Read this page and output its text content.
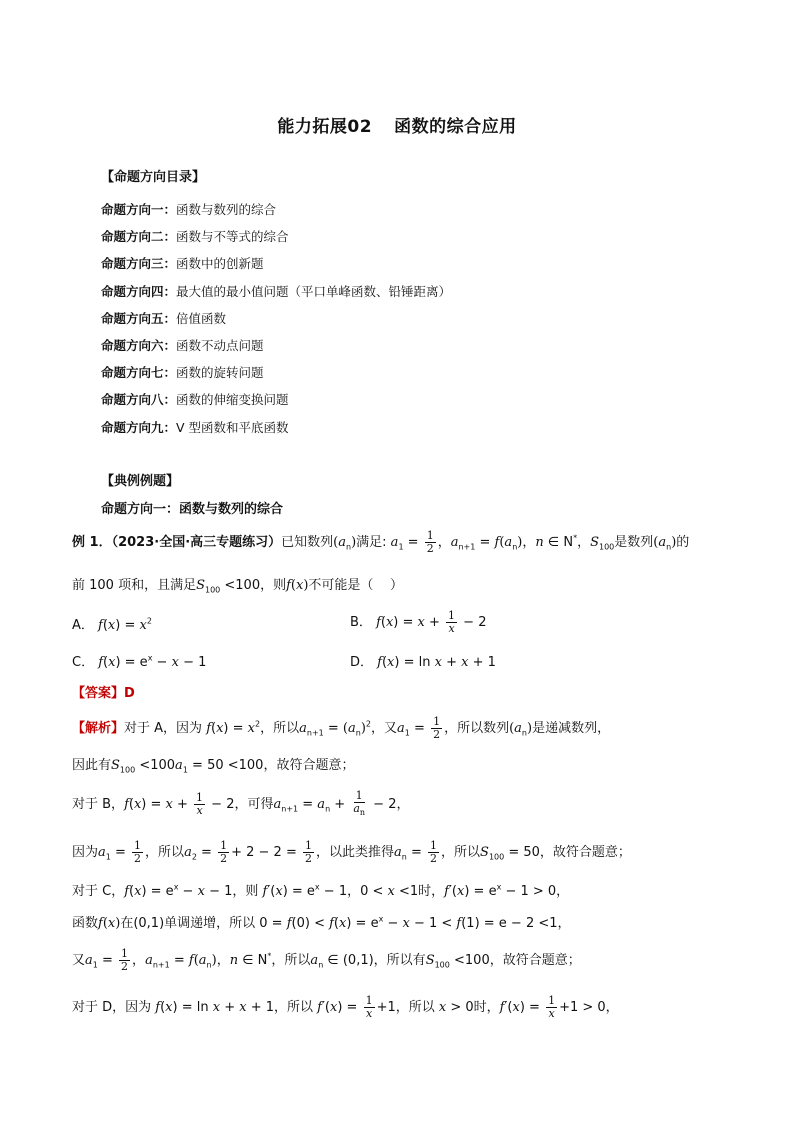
能力拓展02 函数的综合应用
【命题方向目录】
命题方向一：函数与数列的综合
命题方向二：函数与不等式的综合
命题方向三：函数中的创新题
命题方向四：最大值的最小值问题（平口单峰函数、铅锤距离）
命题方向五：倍值函数
命题方向六：函数不动点问题
命题方向七：函数的旋转问题
命题方向八：函数的伸缩变换问题
命题方向九：V 型函数和平底函数
【典例例题】
命题方向一：函数与数列的综合
例 1．（2023·全国·高三专题练习）已知数列$(a_n)$满足: $a_1 = \frac{1}{2}$ ，$a_{n+1} = f(a_n)$，n ∈ N*，$S_{100}$是数列$(a_n)$的
前 100 项和，且满足$S_{100} <100$，则f(x)不可能是（    ）
A． $f(x) = x^2$	B． $f(x) = x + \frac{1}{x} - 2$
C． $f(x) = e^x - x - 1$	D． f(x) = ln x + x + 1
【答案】D
【解析】对于 A，因为 $f(x) = x^2$，所以$a_{n+1} = (a_n)^2$，又$a_1 = \frac{1}{2}$ ，所以数列$(a_n)$是递减数列，
因此有$S_{100} <100a_1 = 50 <100$，故符合题意；
对于 B，$f(x) = x + \frac{1}{x} - 2$，可得$a_{n+1} = a_n + \frac{1}{a_n} - 2$，
因为$a_1 = \frac{1}{2}$ ，所以$a_2 = \frac{1}{2} + 2 - 2 = \frac{1}{2}$ ，以此类推得$a_n = \frac{1}{2}$ ，所以$S_{100} = 50$，故符合题意；
对于 C，$f(x) = e^x - x - 1$，则 $f'(x) = e^x - 1$，0 < x <1时，$f'(x) = e^x - 1 > 0$，
函数f(x)在(0,1)单调递增，所以 $0 = f(0) < f(x) = e^x - x - 1 < f(1) = e - 2 <1$，
又$a_1 = \frac{1}{2}$ ，$a_{n+1} = f(a_n)$，n ∈ N*，所以$a_n$ ∈ (0,1)，所以有$S_{100} <100$，故符合题意；
对于 D，因为 f(x) = ln x + x + 1，所以 $f'(x) = \frac{1}{x} +1$，所以 x > 0时，$f'(x) = \frac{1}{x} +1 > 0$，
